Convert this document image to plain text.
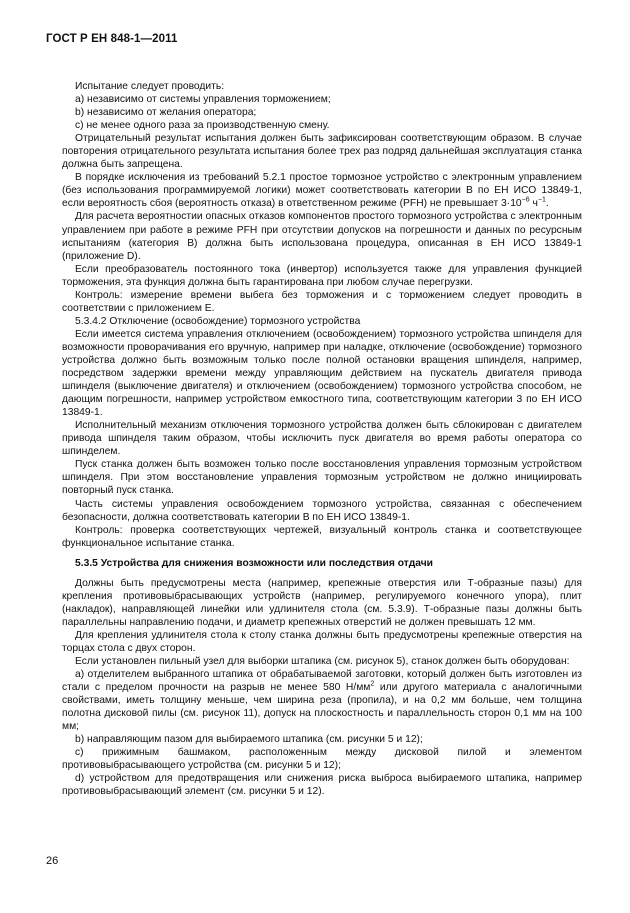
ГОСТ Р ЕН 848-1—2011

Испытание следует проводить:

a) независимо от системы управления торможением;

b) независимо от желания оператора;

c) не менее одного раза за производственную смену.

Отрицательный результат испытания должен быть зафиксирован соответствующим образом. В случае повторения отрицательного результата испытания более трех раз подряд дальнейшая эксплуатация станка должна быть запрещена.

В порядке исключения из требований 5.2.1 простое тормозное устройство с электронным управлением (без использования программируемой логики) может соответствовать категории B по ЕН ИСО 13849-1, если вероятность сбоя (вероятность отказа) в ответственном режиме (PFH) не превышает $3\cdot 10^{-6}$ $ч^{-1}$.

Для расчета вероятностии опасных отказов компонентов простого тормозного устройства с электронным управлением при работе в режиме PFH при отсутствии допусков на погрешности и данных по ресурсным испытаниям (категория B) должна быть использована процедура, описанная в ЕН ИСО 13849-1 (приложение D).

Если преобразователь постоянного тока (инвертор) используется также для управления функцией торможения, эта функция должна быть гарантирована при любом случае перегрузки.

Контроль: измерение времени выбега без торможения и с торможением следует проводить в соответствии с приложением Е.

5.3.4.2 Отключение (освобождение) тормозного устройства

Если имеется система управления отключением (освобождением) тормозного устройства шпинделя для возможности проворачивания его вручную, например при наладке, отключение (освобождение) тормозного устройства должно быть возможным только после полной остановки вращения шпинделя, например, посредством задержки времени между управляющим действием на пускатель двигателя привода шпинделя (выключение двигателя) и отключением (освобождением) тормозного устройства способом, не дающим погрешности, например устройством емкостного типа, соответствующим категории 3 по ЕН ИСО 13849-1.

Исполнительный механизм отключения тормозного устройства должен быть сблокирован с двигателем привода шпинделя таким образом, чтобы исключить пуск двигателя во время работы оператора со шпинделем.

Пуск станка должен быть возможен только после восстановления управления тормозным устройством шпинделя. При этом восстановление управления тормозным устройством не должно инициировать повторный пуск станка.

Часть системы управления освобождением тормозного устройства, связанная с обеспечением безопасности, должна соответствовать категории B по ЕН ИСО 13849-1.

Контроль: проверка соответствующих чертежей, визуальный контроль станка и соответствующее функциональное испытание станка.

5.3.5 Устройства для снижения возможности или последствия отдачи

Должны быть предусмотрены места (например, крепежные отверстия или Т-образные пазы) для крепления противовыбрасывающих устройств (например, регулируемого конечного упора), плит (накладок), направляющей линейки или удлинителя стола (см. 5.3.9). Т-образные пазы должны быть параллельны направлению подачи, и диаметр крепежных отверстий не должен превышать 12 мм.

Для крепления удлинителя стола к столу станка должны быть предусмотрены крепежные отверстия на торцах стола с двух сторон.

Если установлен пильный узел для выборки штапика (см. рисунок 5), станок должен быть оборудован:

a) отделителем выбранного штапика от обрабатываемой заготовки, который должен быть изготовлен из стали с пределом прочности на разрыв не менее 580 $Н/мм^2$ или другого материала с аналогичными свойствами, иметь толщину меньше, чем ширина реза (пропила), и на 0,2 мм больше, чем толщина полотна дисковой пилы (см. рисунок 11), допуск на плоскостность и параллельность сторон 0,1 мм на 100 мм;

b) направляющим пазом для выбираемого штапика (см. рисунки 5 и 12);

c) прижимным башмаком, расположенным между дисковой пилой и элементом противовыбрасывающего устройства (см. рисунки 5 и 12);

d) устройством для предотвращения или снижения риска выброса выбираемого штапика, например противовыбрасывающий элемент (см. рисунки 5 и 12).

26
